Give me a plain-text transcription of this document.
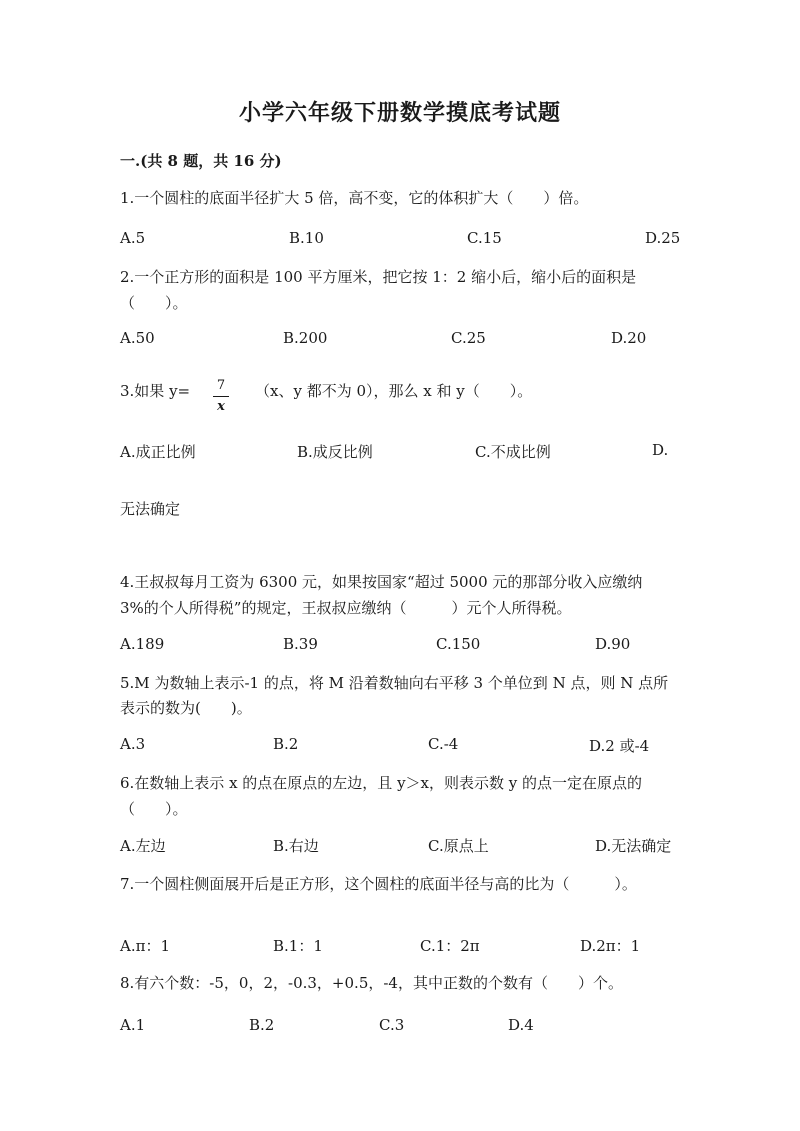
小学六年级下册数学摸底考试题
一.(共 8 题，共 16 分)
1.一个圆柱的底面半径扩大 5 倍，高不变，它的体积扩大（　　）倍。
A.5	B.10	C.15	D.25
2.一个正方形的面积是 100 平方厘米，把它按 1：2 缩小后，缩小后的面积是
（　　）。
A.50	B.200	C.25	D.20
3.如果 y= 7
x
（x、y 都不为 0），那么 x 和 y（　　）。
A.成正比例	B.成反比例	C.不成比例	D.
无法确定
4.王叔叔每月工资为 6300 元，如果按国家“超过 5000 元的那部分收入应缴纳
3%的个人所得税”的规定，王叔叔应缴纳（　　　）元个人所得税。
A.189	B.39	C.150	D.90
5.M 为数轴上表示-1 的点，将 M 沿着数轴向右平移 3 个单位到 N 点，则 N 点所
表示的数为(　　)。
A.3	B.2	C.-4	D.2 或-4
6.在数轴上表示 x 的点在原点的左边，且 y＞x，则表示数 y 的点一定在原点的
（　　）。
A.左边	B.右边	C.原点上	D.无法确定
7.一个圆柱侧面展开后是正方形，这个圆柱的底面半径与高的比为（　　　）。
A.π：1	B.1：1	C.1：2π	D.2π：1
8.有六个数：-5，0，2，-0.3，+0.5，-4，其中正数的个数有（　　）个。
A.1	B.2	C.3	D.4
